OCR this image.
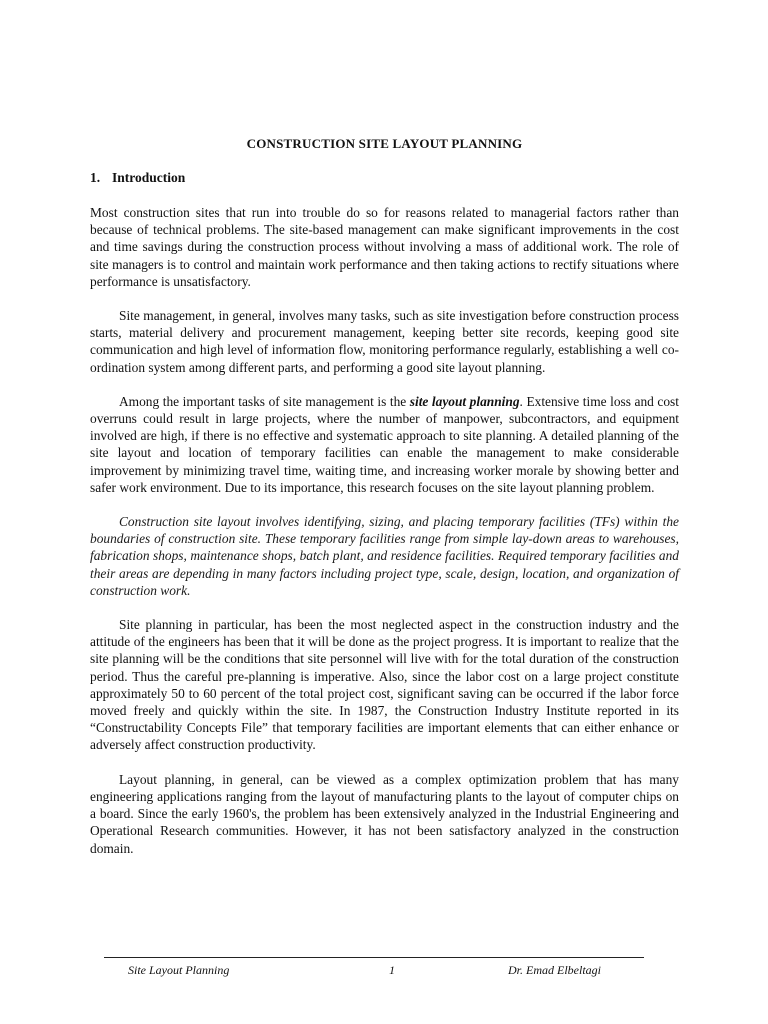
CONSTRUCTION SITE LAYOUT PLANNING
1. Introduction

Most construction sites that run into trouble do so for reasons related to managerial factors rather than because of technical problems. The site-based management can make significant improvements in the cost and time savings during the construction process without involving a mass of additional work. The role of site managers is to control and maintain work performance and then taking actions to rectify situations where performance is unsatisfactory.

Site management, in general, involves many tasks, such as site investigation before construction process starts, material delivery and procurement management, keeping better site records, keeping good site communication and high level of information flow, monitoring performance regularly, establishing a well co-ordination system among different parts, and performing a good site layout planning.

Among the important tasks of site management is the site layout planning. Extensive time loss and cost overruns could result in large projects, where the number of manpower, subcontractors, and equipment involved are high, if there is no effective and systematic approach to site planning. A detailed planning of the site layout and location of temporary facilities can enable the management to make considerable improvement by minimizing travel time, waiting time, and increasing worker morale by showing better and safer work environment. Due to its importance, this research focuses on the site layout planning problem.

Construction site layout involves identifying, sizing, and placing temporary facilities (TFs) within the boundaries of construction site. These temporary facilities range from simple lay-down areas to warehouses, fabrication shops, maintenance shops, batch plant, and residence facilities. Required temporary facilities and their areas are depending in many factors including project type, scale, design, location, and organization of construction work.

Site planning in particular, has been the most neglected aspect in the construction industry and the attitude of the engineers has been that it will be done as the project progress. It is important to realize that the site planning will be the conditions that site personnel will live with for the total duration of the construction period. Thus the careful pre-planning is imperative. Also, since the labor cost on a large project constitute approximately 50 to 60 percent of the total project cost, significant saving can be occurred if the labor force moved freely and quickly within the site. In 1987, the Construction Industry Institute reported in its “Constructability Concepts File” that temporary facilities are important elements that can either enhance or adversely affect construction productivity.

Layout planning, in general, can be viewed as a complex optimization problem that has many engineering applications ranging from the layout of manufacturing plants to the layout of computer chips on a board. Since the early 1960's, the problem has been extensively analyzed in the Industrial Engineering and Operational Research communities. However, it has not been satisfactory analyzed in the construction domain.

Site Layout Planning	1	Dr. Emad Elbeltagi
